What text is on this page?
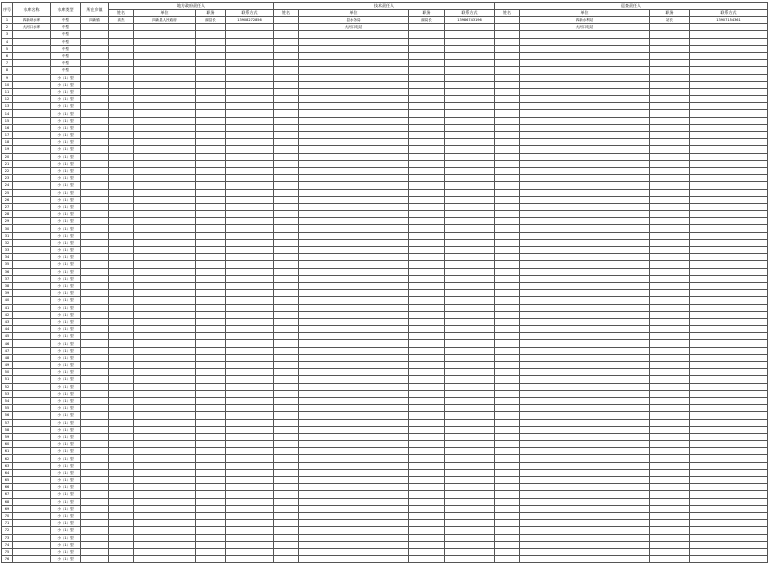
序号	水库名称	水库类型	所在乡镇	地方政府责任人				技术责任人				巡查责任人			
				姓名	单位	职务	联系方式	姓名	单位	职务	联系方式	姓名	单位	职务	联系方式
1	四新坝水库	中型	四新镇	高杰	四新县人民政府	副县长	13908272856		县水务局	副局长	13986743196		四新水利站	站长	13907154361
2	大河口水库	中型							大河口电站				大河口电站		
3		中型													
4		中型													
5		中型													
6		中型													
7		中型													
8		中型													
9		小（1）型													
10		小（1）型													
11		小（1）型													
12		小（1）型													
13		小（1）型													
14		小（1）型													
15		小（1）型													
16		小（1）型													
17		小（1）型													
18		小（1）型													
19		小（1）型													
20		小（1）型													
21		小（1）型													
22		小（1）型													
23		小（1）型													
24		小（1）型													
25		小（1）型													
26		小（1）型													
27		小（1）型													
28		小（1）型													
29		小（1）型													
30		小（1）型													
31		小（1）型													
32		小（1）型													
33		小（1）型													
34		小（1）型													
35		小（1）型													
36		小（1）型													
37		小（1）型													
38		小（1）型													
39		小（1）型													
40		小（1）型													
41		小（1）型													
42		小（1）型													
43		小（1）型													
44		小（1）型													
45		小（1）型													
46		小（1）型													
47		小（1）型													
48		小（1）型													
49		小（1）型													
50		小（1）型													
51		小（1）型													
52		小（1）型													
53		小（1）型													
54		小（1）型													
55		小（1）型													
56		小（1）型													
57		小（1）型													
58		小（1）型													
59		小（1）型													
60		小（1）型													
61		小（1）型													
62		小（1）型													
63		小（1）型													
64		小（1）型													
65		小（1）型													
66		小（1）型													
67		小（1）型													
68		小（1）型													
69		小（1）型													
70		小（1）型													
71		小（1）型													
72		小（1）型													
73		小（1）型													
74		小（1）型													
75		小（1）型													
76		小（1）型													
